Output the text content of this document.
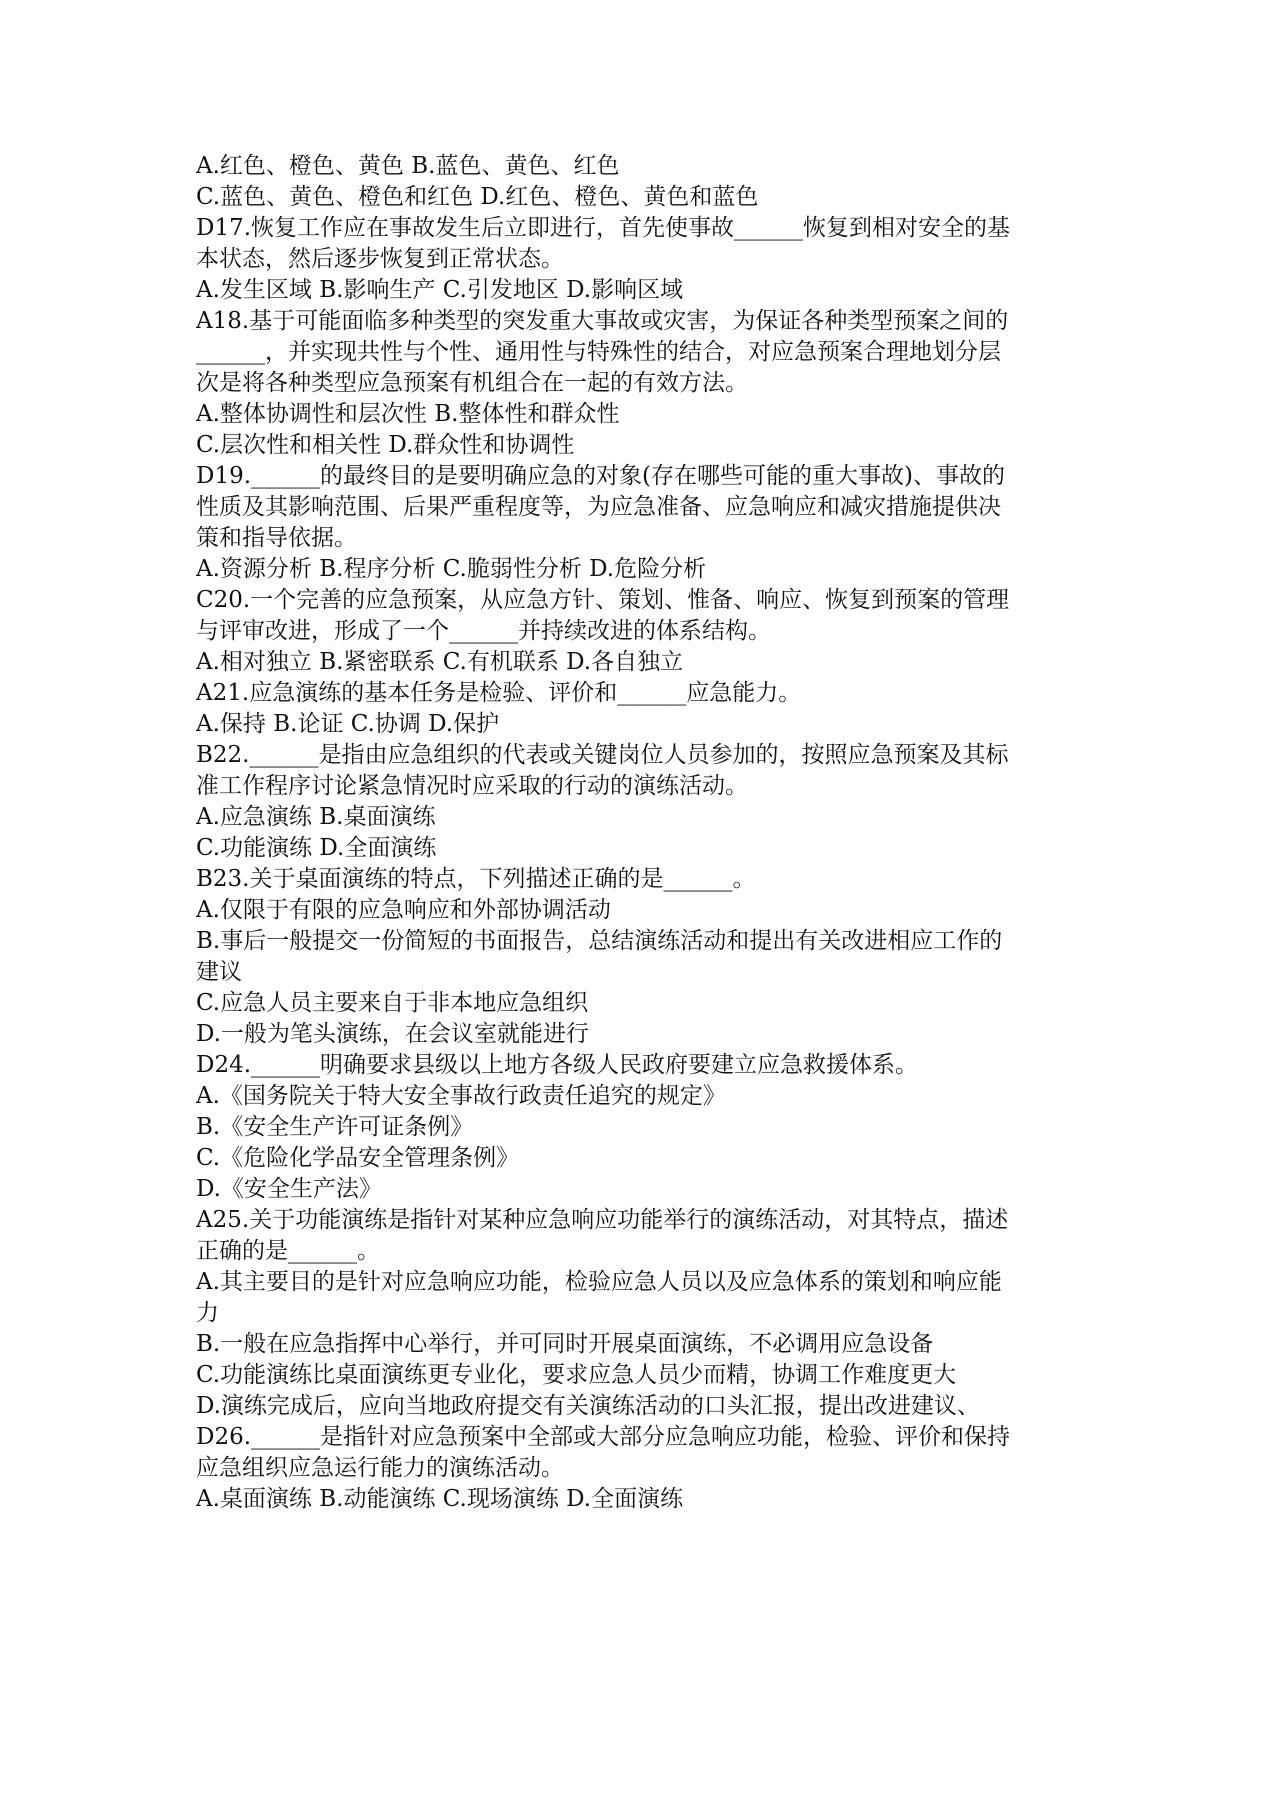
A.红色、橙色、黄色 B.蓝色、黄色、红色
C.蓝色、黄色、橙色和红色 D.红色、橙色、黄色和蓝色
D17.恢复工作应在事故发生后立即进行，首先使事故______恢复到相对安全的基
本状态，然后逐步恢复到正常状态。
A.发生区域 B.影响生产 C.引发地区 D.影响区域
A18.基于可能面临多种类型的突发重大事故或灾害，为保证各种类型预案之间的
______，并实现共性与个性、通用性与特殊性的结合，对应急预案合理地划分层
次是将各种类型应急预案有机组合在一起的有效方法。
A.整体协调性和层次性 B.整体性和群众性
C.层次性和相关性 D.群众性和协调性
D19.______的最终目的是要明确应急的对象(存在哪些可能的重大事故)、事故的
性质及其影响范围、后果严重程度等，为应急准备、应急响应和减灾措施提供决
策和指导依据。
A.资源分析 B.程序分析 C.脆弱性分析 D.危险分析
C20.一个完善的应急预案，从应急方针、策划、惟备、响应、恢复到预案的管理
与评审改进，形成了一个______并持续改进的体系结构。
A.相对独立 B.紧密联系 C.有机联系 D.各自独立
A21.应急演练的基本任务是检验、评价和______应急能力。
A.保持 B.论证 C.协调 D.保护
B22.______是指由应急组织的代表或关键岗位人员参加的，按照应急预案及其标
准工作程序讨论紧急情况时应采取的行动的演练活动。
A.应急演练 B.桌面演练
C.功能演练 D.全面演练
B23.关于桌面演练的特点，下列描述正确的是______。
A.仅限于有限的应急响应和外部协调活动
B.事后一般提交一份简短的书面报告，总结演练活动和提出有关改进相应工作的
建议
C.应急人员主要来自于非本地应急组织
D.一般为笔头演练，在会议室就能进行
D24.______明确要求县级以上地方各级人民政府要建立应急救援体系。
A.《国务院关于特大安全事故行政责任追究的规定》
B.《安全生产许可证条例》
C.《危险化学品安全管理条例》
D.《安全生产法》
A25.关于功能演练是指针对某种应急响应功能举行的演练活动，对其特点，描述
正确的是______。
A.其主要目的是针对应急响应功能，检验应急人员以及应急体系的策划和响应能
力
B.一般在应急指挥中心举行，并可同时开展桌面演练，不必调用应急设备
C.功能演练比桌面演练更专业化，要求应急人员少而精，协调工作难度更大
D.演练完成后，应向当地政府提交有关演练活动的口头汇报，提出改进建议、
D26.______是指针对应急预案中全部或大部分应急响应功能，检验、评价和保持
应急组织应急运行能力的演练活动。
A.桌面演练 B.动能演练 C.现场演练 D.全面演练
